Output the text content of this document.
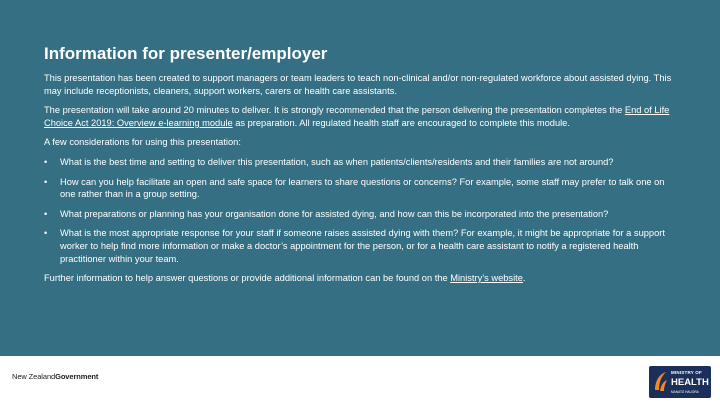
Information for presenter/employer

This presentation has been created to support managers or team leaders to teach non-clinical and/or non-regulated workforce about assisted dying. This may include receptionists, cleaners, support workers, carers or health care assistants.

The presentation will take around 20 minutes to deliver. It is strongly recommended that the person delivering the presentation completes the End of Life Choice Act 2019: Overview e-learning module as preparation. All regulated health staff are encouraged to complete this module.

A few considerations for using this presentation:

• What is the best time and setting to deliver this presentation, such as when patients/clients/residents and their families are not around?
• How can you help facilitate an open and safe space for learners to share questions or concerns? For example, some staff may prefer to talk one on one rather than in a group setting.
• What preparations or planning has your organisation done for assisted dying, and how can this be incorporated into the presentation?
• What is the most appropriate response for your staff if someone raises assisted dying with them? For example, it might be appropriate for a support worker to help find more information or make a doctor’s appointment for the person, or for a health care assistant to notify a registered health practitioner within your team.

Further information to help answer questions or provide additional information can be found on the Ministry’s website.

New ZealandGovernment	MINISTRY OF
HEALTH
MANATŪ HAUORA
